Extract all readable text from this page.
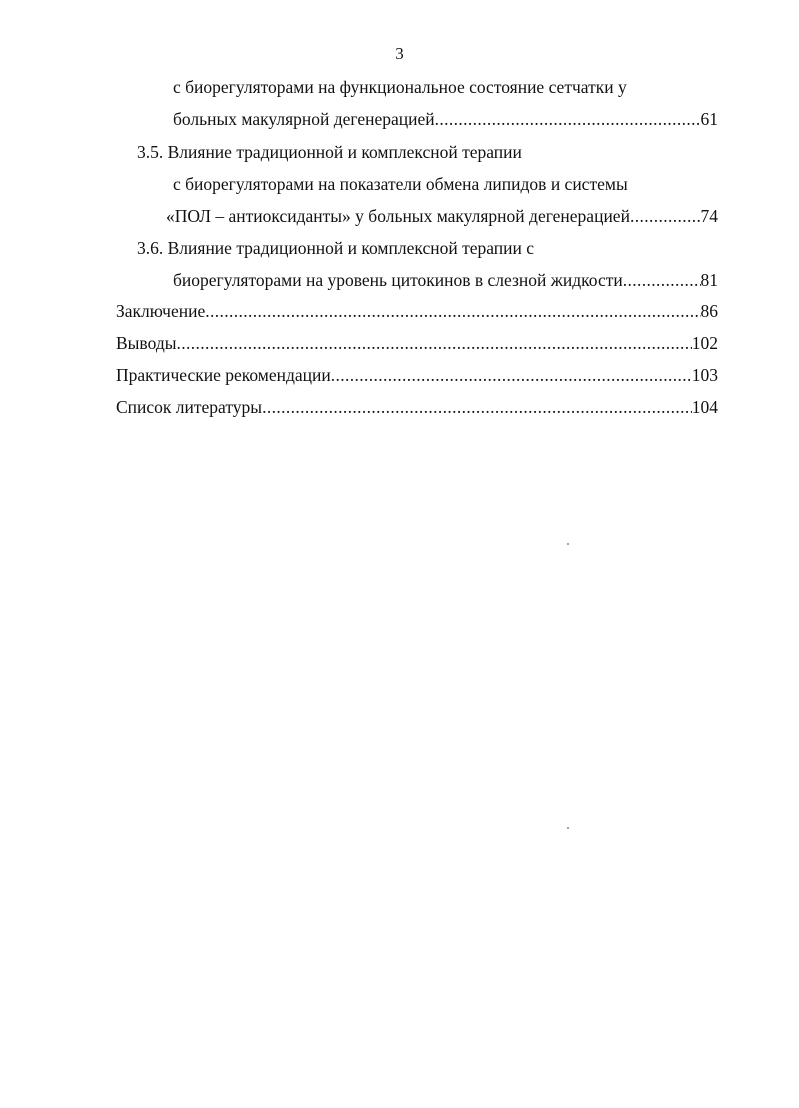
3
с биорегуляторами на функциональное состояние сетчатки у
больных макулярной дегенерацией . . .	61
3.5. Влияние традиционной и комплексной терапии
с биорегуляторами на показатели обмена липидов и системы
«ПОЛ – антиоксиданты» у больных макулярной дегенерацией . . .	74
3.6. Влияние традиционной и комплексной терапии с
биорегуляторами на уровень цитокинов в слезной жидкости . . .	81
Заключение . . .	86
Выводы . . .	102
Практические рекомендации . . .	103
Список литературы . . .	104
